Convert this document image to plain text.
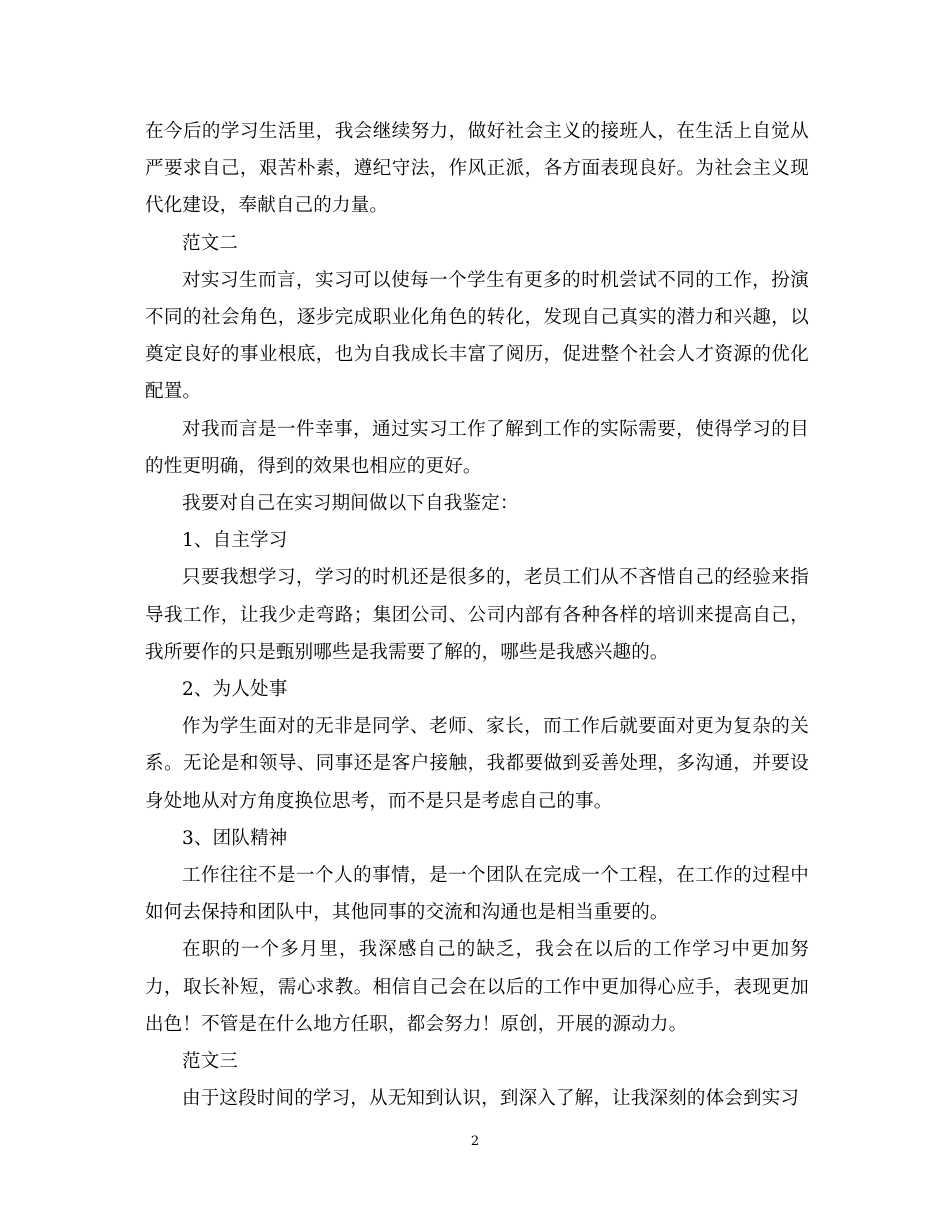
在今后的学习生活里，我会继续努力，做好社会主义的接班人，在生活上自觉从严要求自己，艰苦朴素，遵纪守法，作风正派，各方面表现良好。为社会主义现代化建设，奉献自己的力量。

范文二

对实习生而言，实习可以使每一个学生有更多的时机尝试不同的工作，扮演不同的社会角色，逐步完成职业化角色的转化，发现自己真实的潜力和兴趣，以奠定良好的事业根底，也为自我成长丰富了阅历，促进整个社会人才资源的优化配置。

对我而言是一件幸事，通过实习工作了解到工作的实际需要，使得学习的目的性更明确，得到的效果也相应的更好。

我要对自己在实习期间做以下自我鉴定：

1、自主学习

只要我想学习，学习的时机还是很多的，老员工们从不吝惜自己的经验来指导我工作，让我少走弯路；集团公司、公司内部有各种各样的培训来提高自己，我所要作的只是甄别哪些是我需要了解的，哪些是我感兴趣的。

2、为人处事

作为学生面对的无非是同学、老师、家长，而工作后就要面对更为复杂的关系。无论是和领导、同事还是客户接触，我都要做到妥善处理，多沟通，并要设身处地从对方角度换位思考，而不是只是考虑自己的事。

3、团队精神

工作往往不是一个人的事情，是一个团队在完成一个工程，在工作的过程中如何去保持和团队中，其他同事的交流和沟通也是相当重要的。

在职的一个多月里，我深感自己的缺乏，我会在以后的工作学习中更加努力，取长补短，需心求教。相信自己会在以后的工作中更加得心应手，表现更加出色！不管是在什么地方任职，都会努力！原创，开展的源动力。

范文三

由于这段时间的学习，从无知到认识，到深入了解，让我深刻的体会到实习

2
